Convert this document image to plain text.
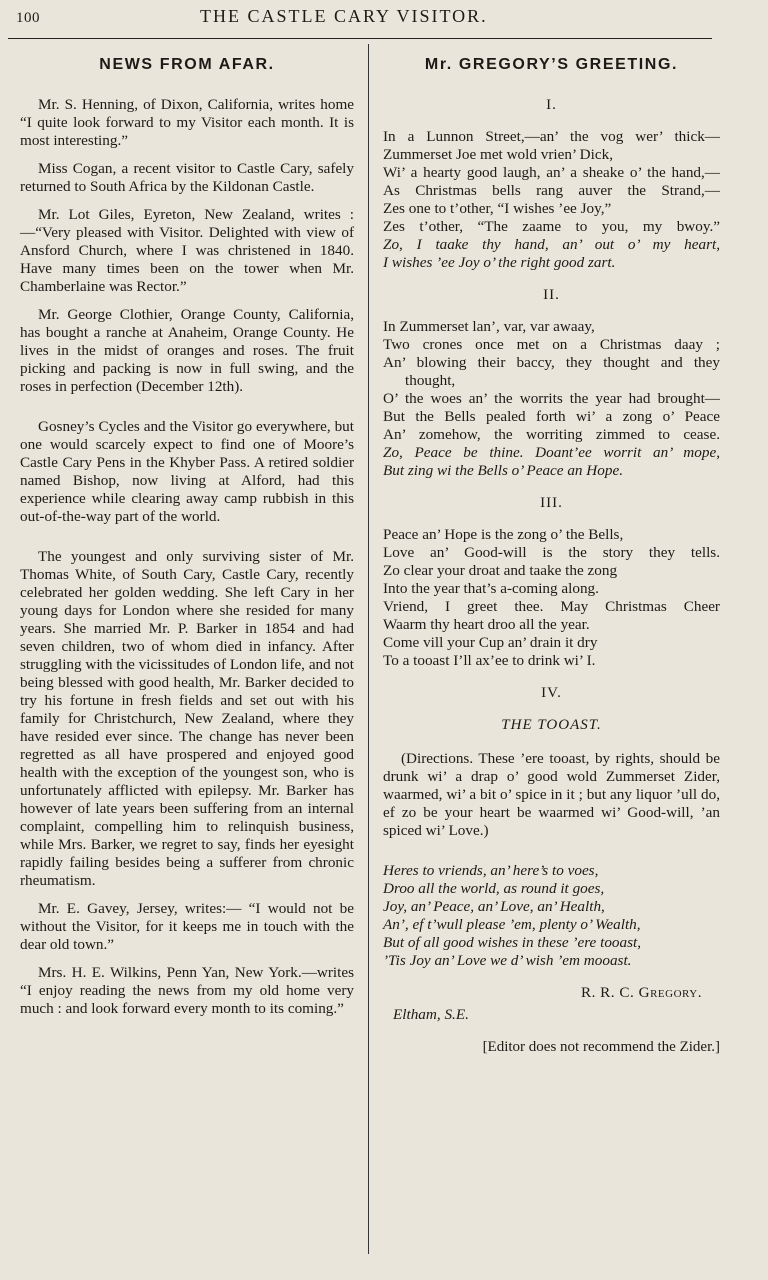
100	THE CASTLE CARY VISITOR.
NEWS FROM AFAR.

Mr. S. Henning, of Dixon, California, writes home “I quite look forward to my Visitor each month. It is most interesting.”

Miss Cogan, a recent visitor to Castle Cary, safely returned to South Africa by the Kildonan Castle.

Mr. Lot Giles, Eyreton, New Zealand, writes :—“Very pleased with Visitor. Delighted with view of Ansford Church, where I was christened in 1840. Have many times been on the tower when Mr. Chamberlaine was Rector.”

Mr. George Clothier, Orange County, California, has bought a ranche at Anaheim, Orange County. He lives in the midst of oranges and roses. The fruit picking and packing is now in full swing, and the roses in perfection (December 12th).

Gosney’s Cycles and the Visitor go everywhere, but one would scarcely expect to find one of Moore’s Castle Cary Pens in the Khyber Pass. A retired soldier named Bishop, now living at Alford, had this experience while clearing away camp rubbish in this out-of-the-way part of the world.

The youngest and only surviving sister of Mr. Thomas White, of South Cary, Castle Cary, recently celebrated her golden wedding. She left Cary in her young days for London where she resided for many years. She married Mr. P. Barker in 1854 and had seven children, two of whom died in infancy. After struggling with the vicissitudes of London life, and not being blessed with good health, Mr. Barker decided to try his fortune in fresh fields and set out with his family for Christchurch, New Zealand, where they have resided ever since. The change has never been regretted as all have prospered and enjoyed good health with the exception of the youngest son, who is unfortunately afflicted with epilepsy. Mr. Barker has however of late years been suffering from an internal complaint, compelling him to relinquish business, while Mrs. Barker, we regret to say, finds her eyesight rapidly failing besides being a sufferer from chronic rheumatism.

Mr. E. Gavey, Jersey, writes:— “I would not be without the Visitor, for it keeps me in touch with the dear old town.”

Mrs. H. E. Wilkins, Penn Yan, New York.—writes “I enjoy reading the news from my old home very much : and look forward every month to its coming.”

Mr. GREGORY’S GREETING.
I.
In a Lunnon Street,—an’ the vog wer’ thick—
Zummerset Joe met wold vrien’ Dick,
Wi’ a hearty good laugh, an’ a sheake o’ the hand,—
As Christmas bells rang auver the Strand,—
Zes one to t’other, “I wishes ’ee Joy,”
Zes t’other, “The zaame to you, my bwoy.”
Zo, I taake thy hand, an’ out o’ my heart,
I wishes ’ee Joy o’ the right good zart.
II.
In Zummerset lan’, var, var awaay,
Two crones once met on a Christmas daay ;
An’ blowing their baccy, they thought and they thought,
O’ the woes an’ the worrits the year had brought—
But the Bells pealed forth wi’ a zong o’ Peace
An’ zomehow, the worriting zimmed to cease.
Zo, Peace be thine. Doant’ee worrit an’ mope,
But zing wi the Bells o’ Peace an Hope.
III.
Peace an’ Hope is the zong o’ the Bells,
Love an’ Good-will is the story they tells.
Zo clear your droat and taake the zong
Into the year that’s a-coming along.
Vriend, I greet thee. May Christmas Cheer
Waarm thy heart droo all the year.
Come vill your Cup an’ drain it dry
To a tooast I’ll ax’ee to drink wi’ I.
IV.
THE TOOAST.

(Directions. These ’ere tooast, by rights, should be drunk wi’ a drap o’ good wold Zummerset Zider, waarmed, wi’ a bit o’ spice in it ; but any liquor ’ull do, ef zo be your heart be waarmed wi’ Good-will, ’an spiced wi’ Love.)

Heres to vriends, an’ here’s to voes,
Droo all the world, as round it goes,
Joy, an’ Peace, an’ Love, an’ Health,
An’, ef t’wull please ’em, plenty o’ Wealth,
But of all good wishes in these ’ere tooast,
’Tis Joy an’ Love we d’ wish ’em mooast.
R. R. C. Gregory.
Eltham, S.E.
[Editor does not recommend the Zider.]
